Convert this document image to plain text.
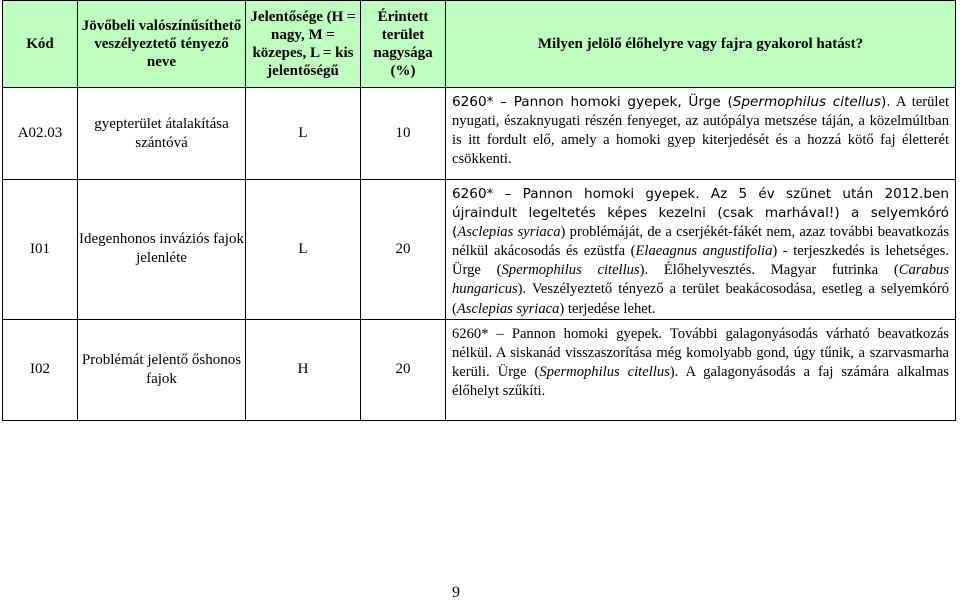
Kód	Jövőbeli valószínűsíthető veszélyeztető tényező neve	Jelentősége (H = nagy, M = közepes, L = kis jelentőségű	Érintett terület nagysága (%)	Milyen jelölő élőhelyre vagy fajra gyakorol hatást?
A02.03	gyepterület átalakítása szántóvá	L	10	6260* – Pannon homoki gyepek, Ürge (Spermophilus citellus). A terület nyugati, északnyugati részén fenyeget, az autópálya metszése táján, a közelmúltban is itt fordult elő, amely a homoki gyep kiterjedését és a hozzá kötő faj életterét csökkenti.

I01	Idegenhonos inváziós fajok jelenléte	L	20	6260* – Pannon homoki gyepek. Az 5 év szünet után 2012.ben újraindult legeltetés képes kezelni (csak marhával!) a selyemkóró (Asclepias syriaca) problémáját, de a cserjékét-fákét nem, azaz további beavatkozás nélkül akácosodás és ezüstfa (Elaeagnus angustifolia) - terjeszkedés is lehetséges. Ürge (Spermophilus citellus). Élőhelyvesztés. Magyar futrinka (Carabus hungaricus). Veszélyeztető tényező a terület beakácosodása, esetleg a selyemkóró (Asclepias syriaca) terjedése lehet.

I02	Problémát jelentő őshonos fajok	H	20	6260* – Pannon homoki gyepek. További galagonyásodás várható beavatkozás nélkül. A siskanád visszaszorítása még komolyabb gond, úgy tűnik, a szarvasmarha kerüli. Ürge (Spermophilus citellus). A galagonyásodás a faj számára alkalmas élőhelyt szűkíti.

9
